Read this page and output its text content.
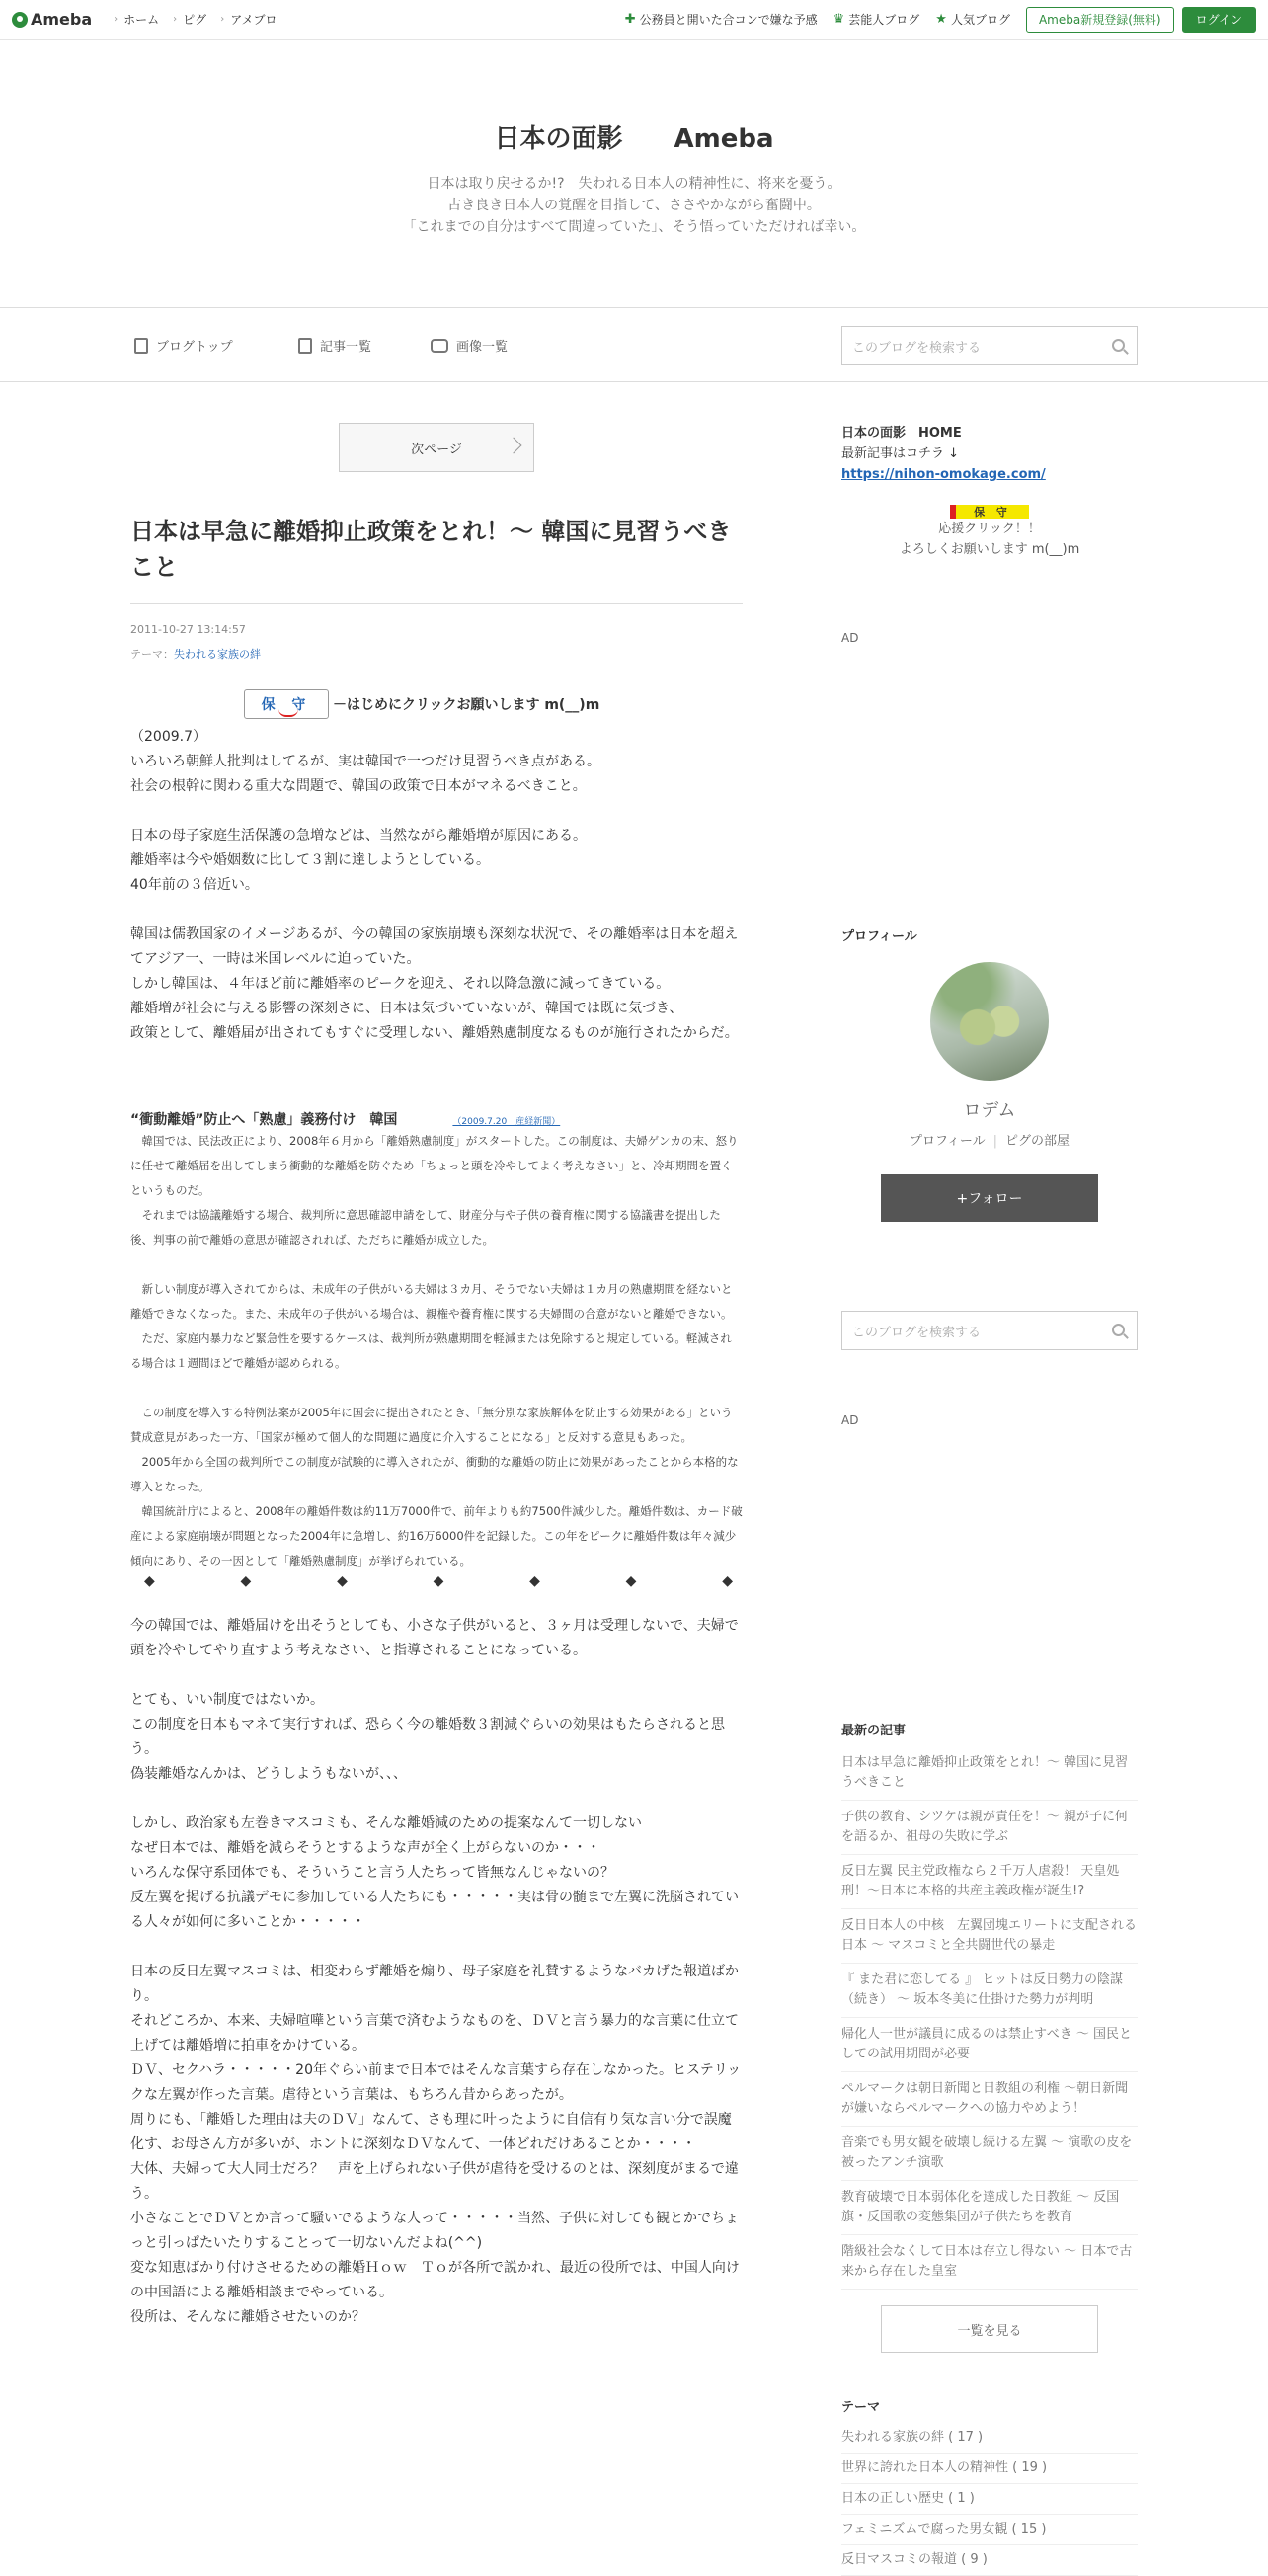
Ameba › ホーム › ピグ › アメブロ	✚ 公務員と開いた合コンで嫌な予感 ♛ 芸能人ブログ ★ 人気ブログ	Ameba新規登録(無料)	ログイン
日本の面影　　Ameba
日本は取り戻せるか!?　失われる日本人の精神性に、将来を憂う。
古き良き日本人の覚醒を目指して、ささやかながら奮闘中。
「これまでの自分はすべて間違っていた」、そう悟っていただければ幸い。
ブログトップ	記事一覧	画像一覧	このブログを検索する
次ページ
日本は早急に離婚抑止政策をとれ！～ 韓国に見習うべきこと
2011-10-27 13:14:57
テーマ：失われる家族の絆
保 守	－はじめにクリックお願いします m(__)m
（2009.7）
いろいろ朝鮮人批判はしてるが、実は韓国で一つだけ見習うべき点がある。
社会の根幹に関わる重大な問題で、韓国の政策で日本がマネるべきこと。
日本の母子家庭生活保護の急増などは、当然ながら離婚増が原因にある。
離婚率は今や婚姻数に比して３割に達しようとしている。
40年前の３倍近い。
韓国は儒教国家のイメージあるが、今の韓国の家族崩壊も深刻な状況で、その離婚率は日本を超えてアジア一、一時は米国レベルに迫っていた。
しかし韓国は、４年ほど前に離婚率のピークを迎え、それ以降急激に減ってきている。
離婚増が社会に与える影響の深刻さに、日本は気づいていないが、韓国では既に気づき、
政策として、離婚届が出されてもすぐに受理しない、離婚熟慮制度なるものが施行されたからだ。
“衝動離婚”防止へ「熟慮」義務付け　韓国	（2009.7.20　産経新聞）

韓国では、民法改正により、2008年６月から「離婚熟慮制度」がスタートした。この制度は、夫婦ゲンカの末、怒りに任せて離婚届を出してしまう衝動的な離婚を防ぐため「ちょっと頭を冷やしてよく考えなさい」と、冷却期間を置くというものだ。

それまでは協議離婚する場合、裁判所に意思確認申請をして、財産分与や子供の養育権に関する協議書を提出した後、判事の前で離婚の意思が確認されれば、ただちに離婚が成立した。

新しい制度が導入されてからは、未成年の子供がいる夫婦は３カ月、そうでない夫婦は１カ月の熟慮期間を経ないと離婚できなくなった。また、未成年の子供がいる場合は、親権や養育権に関する夫婦間の合意がないと離婚できない。

ただ、家庭内暴力など緊急性を要するケースは、裁判所が熟慮期間を軽減または免除すると規定している。軽減される場合は１週間ほどで離婚が認められる。

この制度を導入する特例法案が2005年に国会に提出されたとき、「無分別な家族解体を防止する効果がある」という賛成意見があった一方、「国家が極めて個人的な問題に過度に介入することになる」と反対する意見もあった。

2005年から全国の裁判所でこの制度が試験的に導入されたが、衝動的な離婚の防止に効果があったことから本格的な導入となった。

韓国統計庁によると、2008年の離婚件数は約11万7000件で、前年よりも約7500件減少した。離婚件数は、カード破産による家庭崩壊が問題となった2004年に急増し、約16万6000件を記録した。この年をピークに離婚件数は年々減少傾向にあり、その一因として「離婚熟慮制度」が挙げられている。

◆	◆	◆	◆	◆	◆	◆
今の韓国では、離婚届けを出そうとしても、小さな子供がいると、３ヶ月は受理しないで、夫婦で頭を冷やしてやり直すよう考えなさい、と指導されることになっている。
とても、いい制度ではないか。
この制度を日本もマネて実行すれば、恐らく今の離婚数３割減ぐらいの効果はもたらされると思う。
偽装離婚なんかは、どうしようもないが、、、
しかし、政治家も左巻きマスコミも、そんな離婚減のための提案なんて一切しない
なぜ日本では、離婚を減らそうとするような声が全く上がらないのか・・・
いろんな保守系団体でも、そういうこと言う人たちって皆無なんじゃないの？
反左翼を掲げる抗議デモに参加している人たちにも・・・・・実は骨の髄まで左翼に洗脳されている人々が如何に多いことか・・・・・
日本の反日左翼マスコミは、相変わらず離婚を煽り、母子家庭を礼賛するようなバカげた報道ばかり。
それどころか、本来、夫婦喧嘩という言葉で済むようなものを、ＤＶと言う暴力的な言葉に仕立て上げては離婚増に拍車をかけている。
ＤＶ、セクハラ・・・・・20年ぐらい前まで日本ではそんな言葉すら存在しなかった。ヒステリックな左翼が作った言葉。虐待という言葉は、もちろん昔からあったが。
周りにも、「離婚した理由は夫のＤＶ」なんて、さも理に叶ったように自信有り気な言い分で誤魔化す、お母さん方が多いが、ホントに深刻なＤＶなんて、一体どれだけあることか・・・・
大体、夫婦って大人同士だろ？　声を上げられない子供が虐待を受けるのとは、深刻度がまるで違う。
小さなことでＤＶとか言って騒いでるような人って・・・・・当然、子供に対しても観とかでちょっと引っぱたいたりすることって一切ないんだよね(^^)
変な知恵ばかり付けさせるための離婚Ｈｏｗ　Ｔｏが各所で説かれ、最近の役所では、中国人向けの中国語による離婚相談までやっている。
役所は、そんなに離婚させたいのか？
日本の面影　HOME
最新記事はコチラ ↓
https://nihon-omokage.com/
保 守
応援クリック！！
よろしくお願いします m(__)m
AD
プロフィール
ロデム
プロフィール | ピグの部屋
+フォロー
このブログを検索する
AD
最新の記事
日本は早急に離婚抑止政策をとれ！～ 韓国に見習うべきこと
子供の教育、シツケは親が責任を！～ 親が子に何を語るか、祖母の失敗に学ぶ
反日左翼 民主党政権なら２千万人虐殺！ 天皇処刑！～日本に本格的共産主義政権が誕生!?
反日日本人の中核　左翼団塊エリートに支配される日本 ～ マスコミと全共闘世代の暴走
『 また君に恋してる 』 ヒットは反日勢力の陰謀（続き） ～ 坂本冬美に仕掛けた勢力が判明
帰化人一世が議員に成るのは禁止すべき ～ 国民としての試用期間が必要
ペルマークは朝日新聞と日教組の利権 ～朝日新聞が嫌いならペルマークへの協力やめよう！
音楽でも男女観を破壊し続ける左翼 ～ 演歌の皮を被ったアンチ演歌
教育破壊で日本弱体化を達成した日教組 ～ 反国旗・反国歌の変態集団が子供たちを教育
階級社会なくして日本は存立し得ない ～ 日本で古来から存在した皇室
一覧を見る
テーマ
失われる家族の絆 ( 17 )
世界に誇れた日本人の精神性 ( 19 )
日本の正しい歴史 ( 1 )
フェミニズムで腐った男女観 ( 15 )
反日マスコミの報道 ( 9 )
